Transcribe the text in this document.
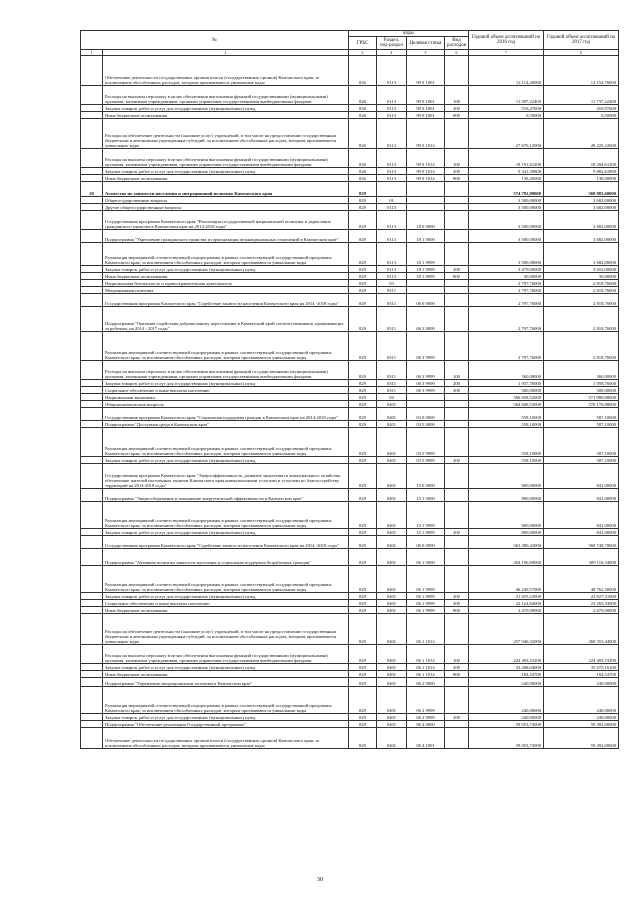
№		коды				Годовой объем ассигнований на 2016 год	Годовой объем ассигнований на 2017 год
		ГРБС	Раздел, под-раздел	Целевая статья	Вид расходов		
1	2	3	4	5	6	7	8
	Обеспечение деятельности государственных органов власти (государственных органов) Камчатского края, за исключением обособленных расходов, которым присваиваются уникальные коды	826	0113	99 0 1001		12 114,20000	12 154,76000
	Расходы на выплаты персоналу в целях обеспечения выполнения функций государственными (муниципальными) органами, казенными учреждениями, органами управления государственными внебюджетными фондами	826	0113	99 0 1001	100	11 597,22400	11 737,22400
	Закупка товаров, работ и услуг для государственных (муниципальных) нужд	826	0113	99 0 1001	200	516,47600	416,97600
	Иные бюджетные ассигнования	826	0113	99 0 1001	800	0,50000	0,50000
	Расходы на обеспечение деятельности (оказание услуг) учреждений, в том числе на предоставление государственным бюджетным и автономным учреждениям субсидий, за исключением обособленных расходов, которым присваиваются уникальные коды	826	0113	99 0 1014		27 670,12000	28 225,22000
	Расходы на выплаты персоналу в целях обеспечения выполнения функций государственными (муниципальными) органами, казенными учреждениями, органами управления государственными внебюджетными фондами	826	0113	99 0 1014	100	18 191,61200	18 204,61200
	Закупка товаров, работ и услуг для государственных (муниципальных) нужд	826	0113	99 0 1014	200	9 341,30800	9 882,61800
	Иные бюджетные ассигнования	826	0113	99 0 1014	800	138,20000	138,00000
20	Агентство по занятости населения и миграционной политике Камчатского края	829				574 792,80000	560 983,60000
	Общегосударственные вопросы	829	01			3 500,00000	3 682,00000
	Другие общегосударственные вопросы	829	0113			3 500,00000	3 682,00000
	Государственная программа Камчатского края "Реализация государственной национальной политики и укрепление гражданского единства в Камчатском крае на 2014-2018 годы"	829	0113	18 0 0000		3 500,00000	3 682,00000
	Подпрограмма "Укрепление гражданского единства и гармонизация межнациональных отношений в Камчатском крае"	829	0113	18 1 0000		3 500,00000	3 682,00000
	Реализация мероприятий соответствующей подпрограммы в рамках соответствующей государственной программы Камчатского края, за исключением обособленных расходов, которым присваиваются уникальные коды	829	0113	18 1 9999		3 500,00000	3 682,00000
	Закупка товаров, работ и услуг для государственных (муниципальных) нужд	829	0113	18 1 9999	200	3 470,00000	3 652,00000
	Иные бюджетные ассигнования	829	0113	18 1 9999	800	30,00000	30,00000
	Национальная безопасность и правоохранительная деятельность	829	03			2 797,76000	2 818,76000
	Миграционная политика	829	0311			2 797,76000	2 818,76000
	Государственная программа Камчатского края "Содействие занятости населения Камчатского края на 2014 -2018 годы"	829	0311	06 0 0000		2 797,76000	2 818,76000
	Подпрограмма "Оказание содействия добровольному переселению в Камчатский край соотечественников, проживающих за рубежом, на 2014 - 2017 годы"	829	0311	06 3 0000		2 797,76000	2 818,76000
	Реализация мероприятий соответствующей подпрограммы в рамках соответствующей государственной программы Камчатского края, за исключением обособленных расходов, которым присваиваются уникальные коды	829	0311	06 3 9999		2 797,76000	2 818,76000
	Расходы на выплаты персоналу в целях обеспечения выполнения функций государственными (муниципальными) органами, казенными учреждениями, органами управления государственными внебюджетными фондами	829	0311	06 3 9999	100	360,00000	360,00000
	Закупка товаров, работ и услуг для государственных (муниципальных) нужд	829	0311	06 3 9999	200	1 937,76000	1 958,76000
	Социальное обеспечение и иные выплаты населению	829	0311	06 3 9999	300	500,00000	500,00000
	Национальная экономика	829	04			566 658,52000	571 980,88000
	Общеэкономические вопросы	829	0401			564 848,52000	570 176,88000
	Государственная программа Камчатского края "Социальная поддержка граждан в Камчатском крае на 2014-2018 годы"	829	0401	03 0 0000		558,10000	587,10000
	Подпрограмма "Доступная среда в Камчатском крае"	829	0401	03 5 0000		558,10000	587,10000
	Реализация мероприятий соответствующей подпрограммы в рамках соответствующей государственной программы Камчатского края, за исключением обособленных расходов, которым присваиваются уникальные коды	829	0401	03 5 9999		558,10000	587,10000
	Закупка товаров, работ и услуг для государственных (муниципальных) нужд	829	0401	03 5 9999	200	558,10000	587,10000
	Государственная программа Камчатского края "Энергоэффективность, развитие энергетики и коммунального хозяйства, обеспечение жителей населенных пунктов Камчатского края коммунальными услугами и услугами по благоустройству территорий на 2014-2018 годы"	829	0401	15 0 0000		800,00000	841,00000
	Подпрограмма "Энергосбережение и повышение энергетической эффективности в Камчатском крае"	829	0401	15 1 0000		800,00000	841,00000
	Реализация мероприятий соответствующей подпрограммы в рамках соответствующей государственной программы Камчатского края, за исключением обособленных расходов, которым присваиваются уникальные коды	829	0401	15 1 9999		800,00000	841,00000
	Закупка товаров, работ и услуг для государственных (муниципальных) нужд	829	0401	15 1 9999	200	800,00000	841,00000
	Государственная программа Камчатского края "Содействие занятости населения Камчатского края на 2014 -2018 годы"	829	0401	06 0 0000		563 490,42000	568 748,78000
	Подпрограмма "Активная политика занятости населения и социальная поддержка безработных граждан"	829	0401	06 1 0000		304 196,69000	309 116,34000
	Реализация мероприятий соответствующей подпрограммы в рамках соответствующей государственной программы Камчатского края, за исключением обособленных расходов, которым присваиваются уникальные коды	829	0401	06 1 9999		46 249,57000	48 762,30000
	Закупка товаров, работ и услуг для государственных (муниципальных) нужд	829	0401	06 1 9999	200	21 655,23000	22 827,31000
	Социальное обеспечение и иные выплаты населению	829	0401	06 1 9999	300	22 124,84000	23 265,33000
	Иные бюджетные ассигнования	829	0401	06 1 9999	800	2 470,00000	2 670,00000
	Расходы на обеспечение деятельности (оказание услуг) учреждений, в том числе на предоставление государственным бюджетным и автономным учреждениям субсидий, за исключением обособленных расходов, которым присваиваются уникальные коды	829	0401	06 1 1014		257 946,32000	260 353,44000
	Расходы на выплаты персоналу в целях обеспечения выполнения функций государственными (муниципальными) органами, казенными учреждениями, органами управления государственными внебюджетными фондами	829	0401	06 1 1014	100	224 493,53200	224 493,53200
	Закупка товаров, работ и услуг для государственных (муниципальных) нужд	829	0401	06 1 1014	200	33 268,04000	35 675,16100
	Иные бюджетные ассигнования	829	0401	06 1 1014	800	184,54700	184,54700
	Подпрограмма "Управление миграционными потоками в Камчатском крае"	829	0401	06 2 0000		240,00000	240,00000
	Реализация мероприятий соответствующей подпрограммы в рамках соответствующей государственной программы Камчатского края, за исключением обособленных расходов, которым присваиваются уникальные коды	829	0401	06 2 9999		240,00000	240,00000
	Закупка товаров, работ и услуг для государственных (муниципальных) нужд	829	0401	06 2 9999	200	240,00000	240,00000
	Подпрограмма "Обеспечение реализации Государственной программы"	829	0401	06 4 0000		59 053,73000	59 392,00000
	Обеспечение деятельности государственных органов власти (государственных органов) Камчатского края, за исключением обособленных расходов, которым присваиваются уникальные коды	829	0401	06 4 1001		59 053,73000	59 392,00000
30
